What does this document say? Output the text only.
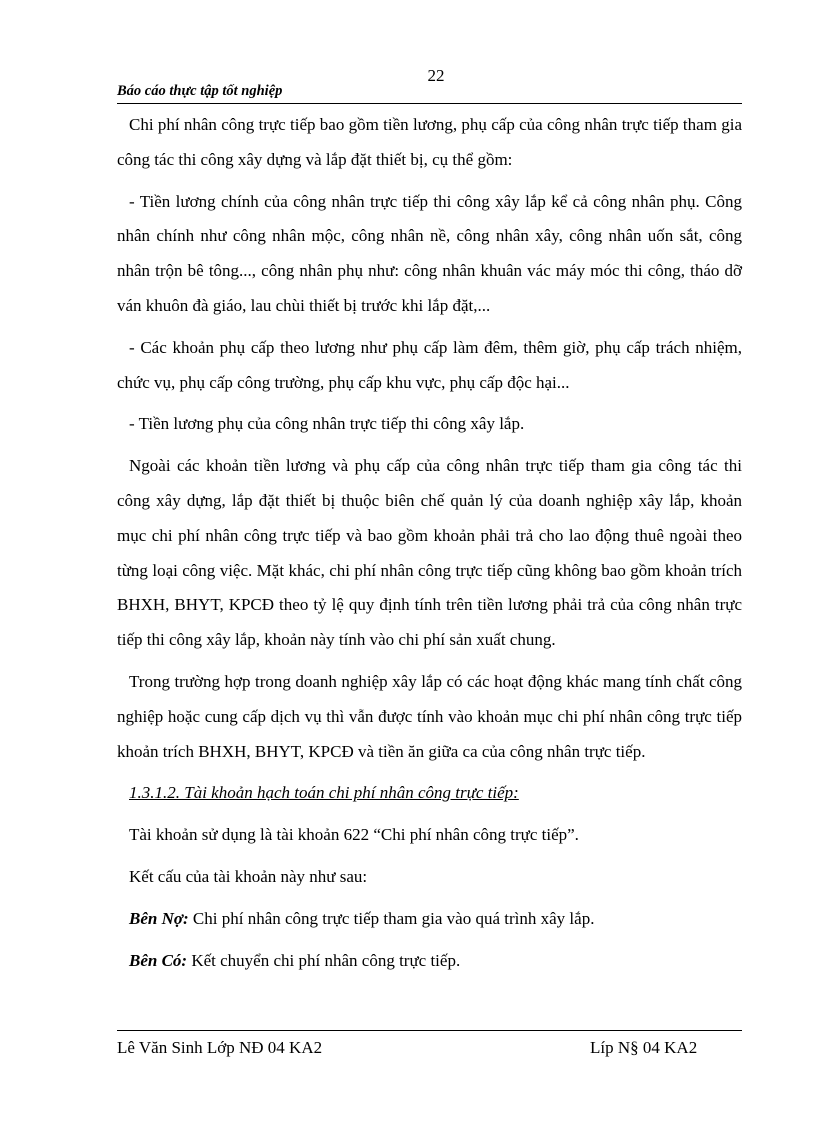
22
Báo cáo thực tập tốt nghiệp

Chi phí nhân công trực tiếp bao gồm tiền lương, phụ cấp của công nhân trực tiếp tham gia công tác thi công xây dựng và lắp đặt thiết bị, cụ thể gồm:

- Tiền lương chính của công nhân trực tiếp thi công xây lắp kể cả công nhân phụ. Công nhân chính như công nhân mộc, công nhân nề, công nhân xây, công nhân uốn sắt, công nhân trộn bê tông..., công nhân phụ như: công nhân khuân vác máy móc thi công, tháo dỡ ván khuôn đà giáo, lau chùi thiết bị trước khi lắp đặt,...

- Các khoản phụ cấp theo lương như phụ cấp làm đêm, thêm giờ, phụ cấp trách nhiệm, chức vụ, phụ cấp công trường, phụ cấp khu vực, phụ cấp độc hại...

- Tiền lương phụ của công nhân trực tiếp thi công xây lắp.

Ngoài các khoản tiền lương và phụ cấp của công nhân trực tiếp tham gia công tác thi công xây dựng, lắp đặt thiết bị thuộc biên chế quản lý của doanh nghiệp xây lắp, khoản mục chi phí nhân công trực tiếp và bao gồm khoản phải trả cho lao động thuê ngoài theo từng loại công việc. Mặt khác, chi phí nhân công trực tiếp cũng không bao gồm khoản trích BHXH, BHYT, KPCĐ theo tỷ lệ quy định tính trên tiền lương phải trả của công nhân trực tiếp thi công xây lắp, khoản này tính vào chi phí sản xuất chung.

Trong trường hợp trong doanh nghiệp xây lắp có các hoạt động khác mang tính chất công nghiệp hoặc cung cấp dịch vụ thì vẫn được tính vào khoản mục chi phí nhân công trực tiếp khoản trích BHXH, BHYT, KPCĐ và tiền ăn giữa ca của công nhân trực tiếp.

1.3.1.2. Tài khoản hạch toán chi phí nhân công trực tiếp:

Tài khoản sử dụng là tài khoản 622 “Chi phí nhân công trực tiếp”.

Kết cấu của tài khoản này như sau:

Bên Nợ: Chi phí nhân công trực tiếp tham gia vào quá trình xây lắp.

Bên Có: Kết chuyển chi phí nhân công trực tiếp.

Lê Văn Sinh Lớp NĐ 04 KA2	Líp N§ 04 KA2
